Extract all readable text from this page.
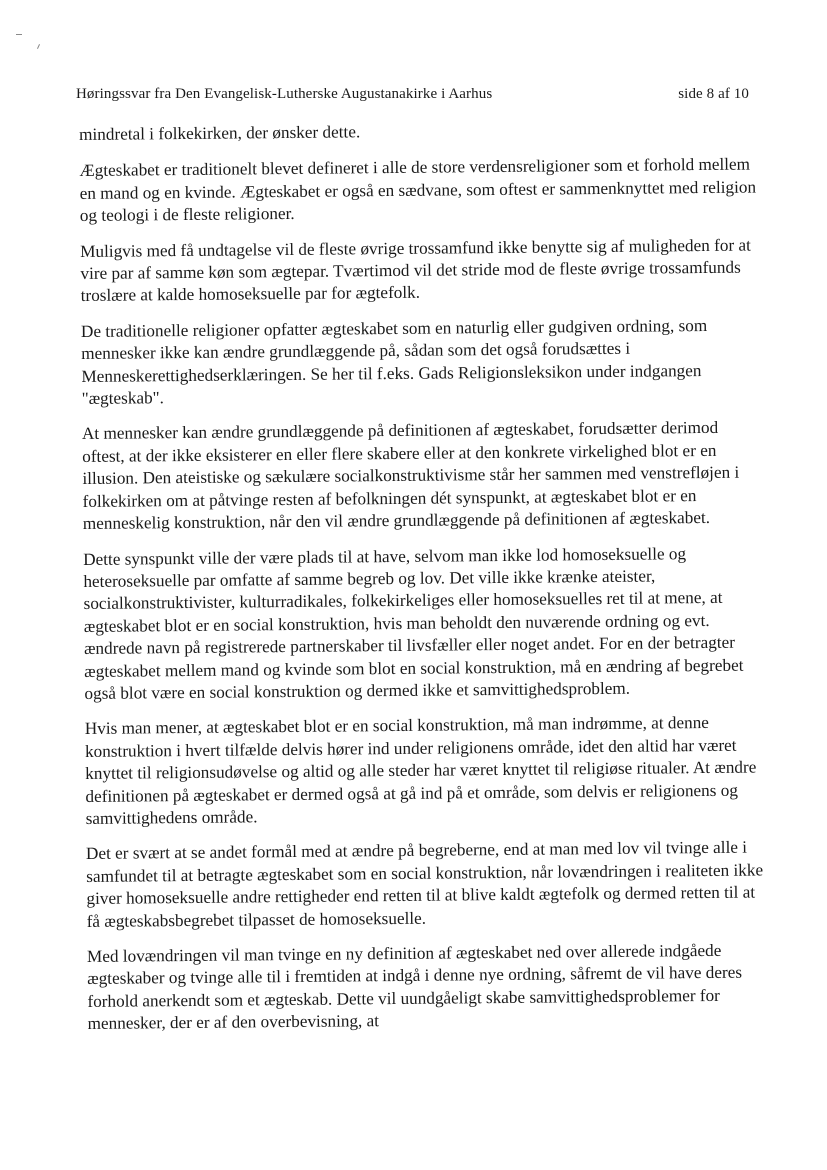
Høringssvar fra Den Evangelisk-Lutherske Augustanakirke i Aarhus	side 8 af 10

mindretal i folkekirken, der ønsker dette.

Ægteskabet er traditionelt blevet defineret i alle de store verdensreligioner som et forhold mellem en mand og en kvinde. Ægteskabet er også en sædvane, som oftest er sammenknyttet med religion og teologi i de fleste religioner.

Muligvis med få undtagelse vil de fleste øvrige trossamfund ikke benytte sig af muligheden for at vire par af samme køn som ægtepar. Tværtimod vil det stride mod de fleste øvrige trossamfunds troslære at kalde homoseksuelle par for ægtefolk.

De traditionelle religioner opfatter ægteskabet som en naturlig eller gudgiven ordning, som mennesker ikke kan ændre grundlæggende på, sådan som det også forudsættes i Menneskerettighedserklæringen. Se her til f.eks. Gads Religionsleksikon under indgangen "ægteskab".

At mennesker kan ændre grundlæggende på definitionen af ægteskabet, forudsætter derimod oftest, at der ikke eksisterer en eller flere skabere eller at den konkrete virkelighed blot er en illusion. Den ateistiske og sækulære socialkonstruktivisme står her sammen med venstrefløjen i folkekirken om at påtvinge resten af befolkningen dét synspunkt, at ægteskabet blot er en menneskelig konstruktion, når den vil ændre grundlæggende på definitionen af ægteskabet.

Dette synspunkt ville der være plads til at have, selvom man ikke lod homoseksuelle og heteroseksuelle par omfatte af samme begreb og lov. Det ville ikke krænke ateister, socialkonstruktivister, kulturradikales, folkekirkeliges eller homoseksuelles ret til at mene, at ægteskabet blot er en social konstruktion, hvis man beholdt den nuværende ordning og evt. ændrede navn på registrerede partnerskaber til livsfæller eller noget andet. For en der betragter ægteskabet mellem mand og kvinde som blot en social konstruktion, må en ændring af begrebet også blot være en social konstruktion og dermed ikke et samvittighedsproblem.

Hvis man mener, at ægteskabet blot er en social konstruktion, må man indrømme, at denne konstruktion i hvert tilfælde delvis hører ind under religionens område, idet den altid har været knyttet til religionsudøvelse og altid og alle steder har været knyttet til religiøse ritualer. At ændre definitionen på ægteskabet er dermed også at gå ind på et område, som delvis er religionens og samvittighedens område.

Det er svært at se andet formål med at ændre på begreberne, end at man med lov vil tvinge alle i samfundet til at betragte ægteskabet som en social konstruktion, når lovændringen i realiteten ikke giver homoseksuelle andre rettigheder end retten til at blive kaldt ægtefolk og dermed retten til at få ægteskabsbegrebet tilpasset de homoseksuelle.

Med lovændringen vil man tvinge en ny definition af ægteskabet ned over allerede indgåede ægteskaber og tvinge alle til i fremtiden at indgå i denne nye ordning, såfremt de vil have deres forhold anerkendt som et ægteskab. Dette vil uundgåeligt skabe samvittighedsproblemer for mennesker, der er af den overbevisning, at
